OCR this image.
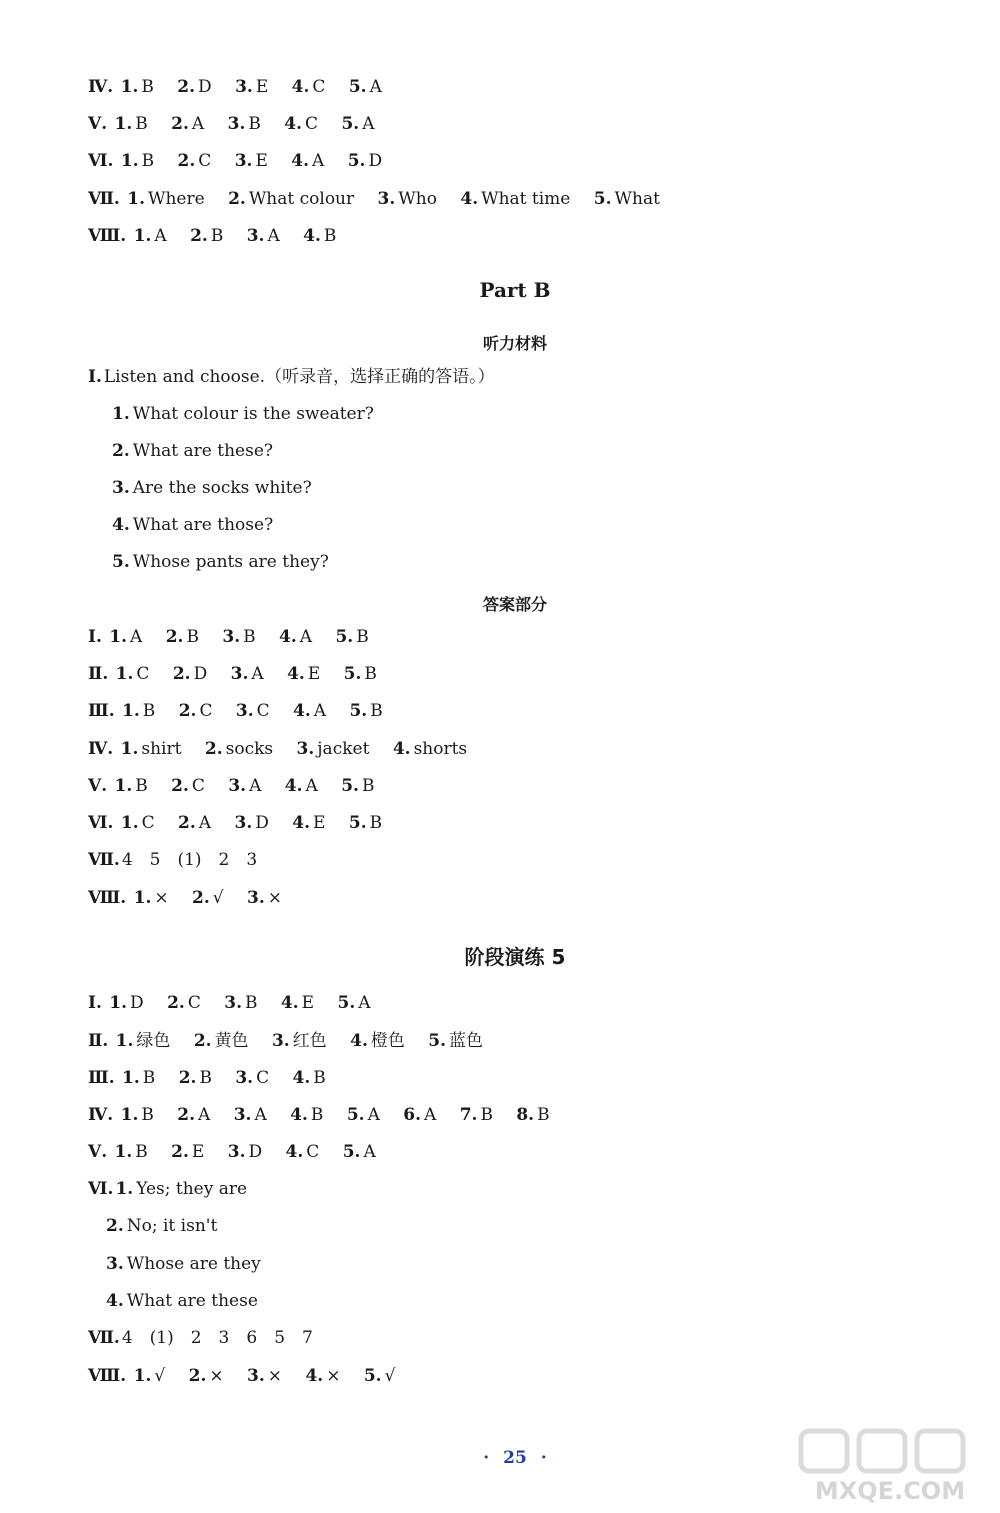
Ⅳ. 1. B 2. D 3. E 4. C 5. A
Ⅴ. 1. B 2. A 3. B 4. C 5. A
Ⅵ. 1. B 2. C 3. E 4. A 5. D
Ⅶ. 1. Where 2. What colour 3. Who 4. What time 5. What
Ⅷ. 1. A 2. B 3. A 4. B
Part B
听力材料
Ⅰ. Listen and choose.（听录音，选择正确的答语。）
1. What colour is the sweater?
2. What are these?
3. Are the socks white?
4. What are those?
5. Whose pants are they?
答案部分
Ⅰ. 1. A 2. B 3. B 4. A 5. B
Ⅱ. 1. C 2. D 3. A 4. E 5. B
Ⅲ. 1. B 2. C 3. C 4. A 5. B
Ⅳ. 1. shirt 2. socks 3. jacket 4. shorts
Ⅴ. 1. B 2. C 3. A 4. A 5. B
Ⅵ. 1. C 2. A 3. D 4. E 5. B
Ⅶ. 4　5　(1)　2　3
Ⅷ. 1. × 2. √ 3. ×
阶段演练 5
Ⅰ. 1. D 2. C 3. B 4. E 5. A
Ⅱ. 1. 绿色 2. 黄色 3. 红色 4. 橙色 5. 蓝色
Ⅲ. 1. B 2. B 3. C 4. B
Ⅳ. 1. B 2. A 3. A 4. B 5. A 6. A 7. B 8. B
Ⅴ. 1. B 2. E 3. D 4. C 5. A
Ⅵ. 1. Yes; they are
2. No; it isn't
3. Whose are they
4. What are these
Ⅶ. 4　(1)　2　3　6　5　7
Ⅷ. 1. √ 2. × 3. × 4. × 5. √
· 25 ·
MXQE.COM
